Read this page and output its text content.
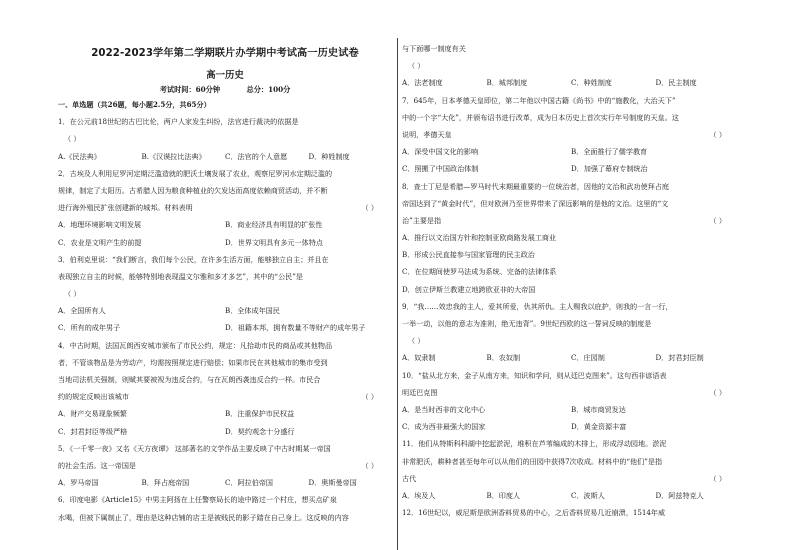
2022-2023学年第二学期联片办学期中考试高一历史试卷
高一历史
考试时间：60分钟	总分：100分
一、单选题（共26题，每小题2.5分，共65分）
1．在公元前18世纪的古巴比伦，两户人家发生纠纷，法官进行裁决的依据是
（ ）
A.《民法典》	B.《汉谟拉比法典》	C．法官的个人意愿	D．种姓制度
2．古埃及人利用尼罗河定期泛滥造就的肥沃土壤发展了农业，观察尼罗河水定期泛滥的
规律，制定了太阳历。古希腊人因为粮食种植业的欠发达而高度依赖商贸活动，并不断
进行海外殖民扩张创建新的城邦。材料表明	（ ）
A．地理环境影响文明发展	B．商业经济具有明显的扩张性
C．农业是文明产生的前提	D．世界文明具有多元一体特点
3．伯利克里说：“我们断言，我们每个公民，在许多生活方面，能够独立自主；并且在
表现独立自主的时候，能够特别地表现温文尔雅和多才多艺”，其中的“公民”是
（ ）
A．全国所有人	B．全体成年国民
C．所有的成年男子	D．祖籍本邦，拥有数量不等财产的成年男子
4．中古时期，法国瓦朗西安城市颁布了市民公约，规定：凡拾劫市民的商品或其他物品
者，不管该物品是为劳动产，均需按照规定进行赔偿；如果市民在其他城市的集市受到
当地司法机关强制，则赋其要被视为违反合约，与在瓦朗西袭违反合约一样。市民合
约的规定反映出该城市	（ ）
A．财产交易现象频繁	B．注重保护市民权益
C．封君封臣等级严格	D．契约观念十分盛行
5．《一千零一夜》又名《天方夜谭》 这部著名的文学作品主要反映了中古时期某一帝国
的社会生活。这一帝国是	（ ）
A．罗马帝国	B．拜占庭帝国	C．阿拉伯帝国	D．奥斯曼帝国
6．印度电影《Article15》中男主阿扬在上任警察局长的途中路过一个村庄，想买点矿泉
水喝，但被下属制止了，理由是这种店铺的店主是被贱民的影子踏在自己身上。这反映的内容
与下面哪一制度有关
（ ）
A．法老制度	B．城邦制度	C．种姓制度	D．民主制度
7．645年，日本孝德天皇即位，第二年他以中国古籍《尚书》中的“施教化，大治天下”
中的一个字“大化”，并颁布诏书进行改革，成为日本历史上首次实行年号制度的天皇。这
说明，孝德天皇	（ ）
A．深受中国文化的影响	B．全面推行了儒学教育
C．照搬了中国政治体制	D．加强了幕府专制统治
8．查士丁尼是希腊—罗马时代末期最重要的一位统治者，因他的文治和武功使拜占庭
帝国达到了“黄金时代”，但对欧洲乃至世界带来了深远影响的是他的文治。这里的“文
治”主要是指	（ ）
A．推行以文治国方针和控制亚欧商路发展工商业
B．形成公民直接参与国家管理的民主政治
C．在位期间使罗马法成为系统、完备的法律体系
D．创立伊斯兰教建立地跨欧亚非的大帝国
9．“我……效忠我的主人，爱其所爱，仇其所仇。主人赐我以庇护，则我的一言一行，
一举一动，以他的意志为准则，绝无违背”。9世纪西欧的这一誓词反映的制度是
（ ）
A．奴隶制	B．农奴制	C．庄园制	D．封君封臣制
10．“盐从北方来，金子从南方来，知识和学问，则从廷巴克图来”。这句西非谚语表
明廷巴克图	（ ）
A．是当时西非的文化中心	B．城市商贸发达
C．成为西非最强大的国家	D．黄金资源丰富
11．他们从特斯科科湖中挖起淤泥，堆积在芦苇编成的木排上，形成浮动园地。淤泥
非常肥沃，耕种者甚至每年可以从他们的田园中获得7次收成。材料中的“他们”是指
古代	（ ）
A．埃及人	B．印度人	C．波斯人	D．阿兹特克人
12．16世纪以，威尼斯是欧洲香料贸易的中心，之后香料贸易几近崩溃，1514年威
